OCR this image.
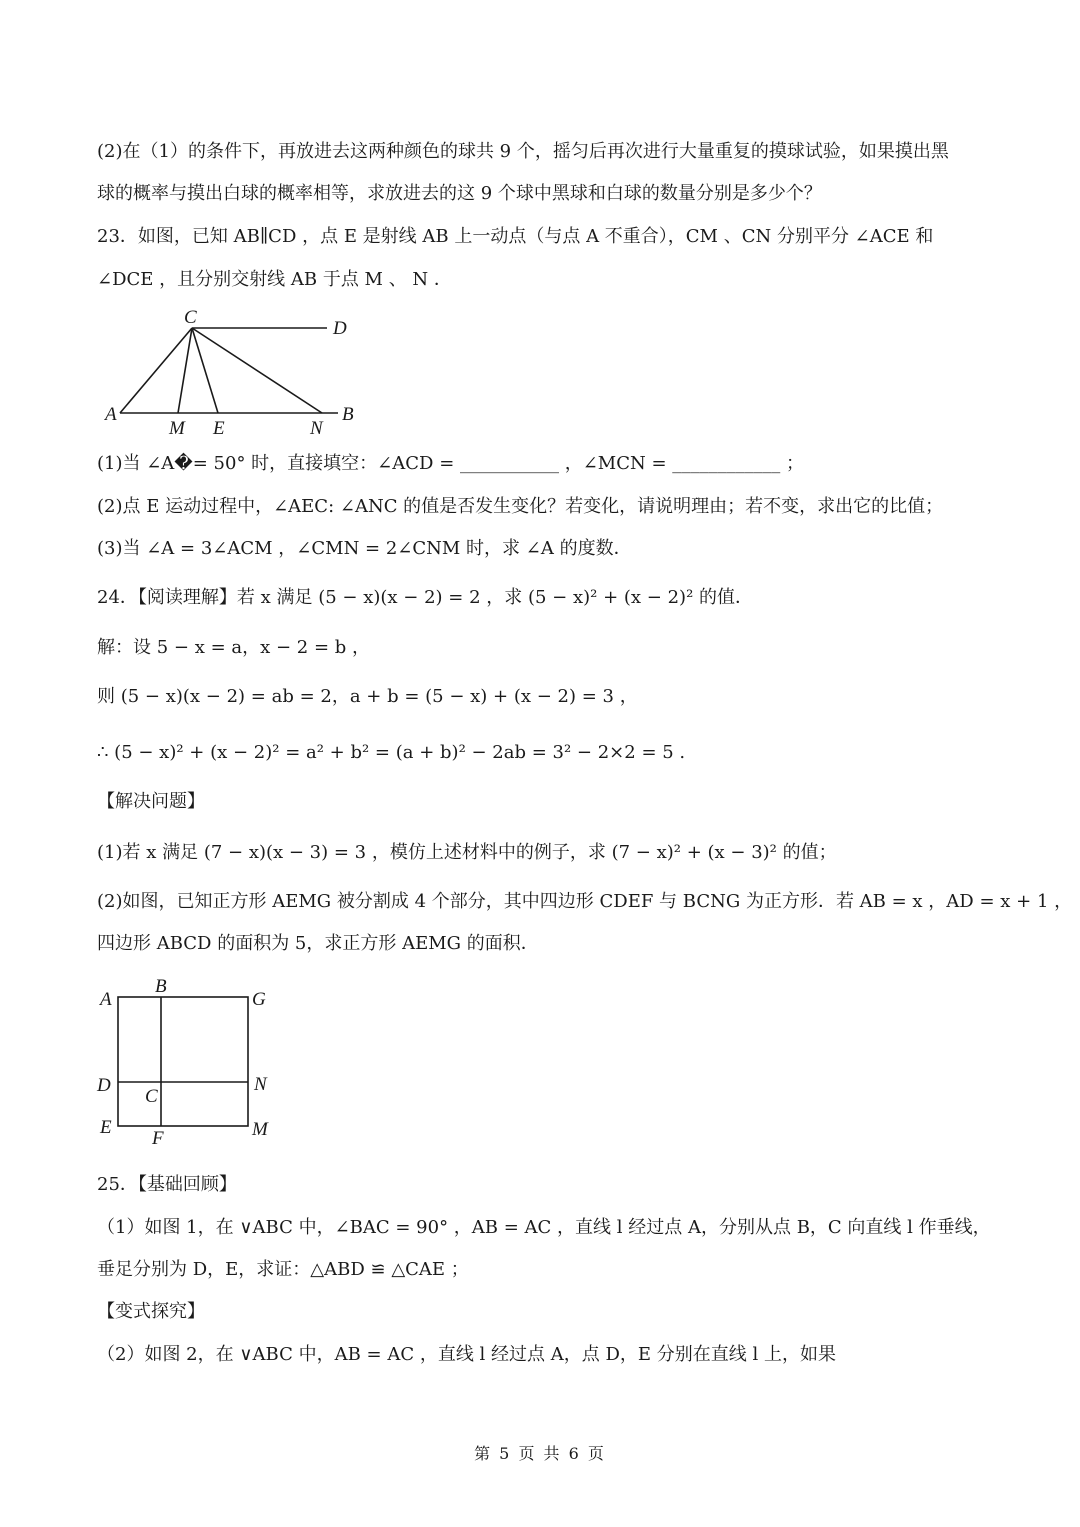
(2)在（1）的条件下，再放进去这两种颜色的球共 9 个，摇匀后再次进行大量重复的摸球试验，如果摸出黑
球的概率与摸出白球的概率相等，求放进去的这 9 个球中黑球和白球的数量分别是多少个？
23．如图，已知 AB∥CD ，点 E 是射线 AB 上一动点（与点 A 不重合），CM 、CN 分别平分 ∠ACE 和
∠DCE ，且分别交射线 AB 于点 M 、 N ．
C
D
A
M E	N
B
(1)当 ∠A�= 50° 时，直接填空：∠ACD = ___________ ，∠MCN = ____________ ；
(2)点 E 运动过程中，∠AEC: ∠ANC 的值是否发生变化？若变化，请说明理由；若不变，求出它的比值；
(3)当 ∠A = 3∠ACM ，∠CMN = 2∠CNM 时，求 ∠A 的度数．
24．【阅读理解】若 x 满足 (5 − x)(x − 2) = 2 ，求 (5 − x)² + (x − 2)² 的值．
解：设 5 − x = a，x − 2 = b ，
则 (5 − x)(x − 2) = ab = 2，a + b = (5 − x) + (x − 2) = 3 ，
∴ (5 − x)² + (x − 2)² = a² + b² = (a + b)² − 2ab = 3² − 2×2 = 5 .
【解决问题】
(1)若 x 满足 (7 − x)(x − 3) = 3 ，模仿上述材料中的例子，求 (7 − x)² + (x − 3)² 的值；
(2)如图，已知正方形 AEMG 被分割成 4 个部分，其中四边形 CDEF 与 BCNG 为正方形．若 AB = x ，AD = x + 1 ，
四边形 ABCD 的面积为 5，求正方形 AEMG 的面积．
A
B
G
D
C
N
E
F	M
25．【基础回顾】
（1）如图 1，在 ∨ABC 中，∠BAC = 90° ，AB = AC ，直线 l 经过点 A，分别从点 B，C 向直线 l 作垂线，
垂足分别为 D，E，求证：△ABD ≌ △CAE ；
【变式探究】
（2）如图 2，在 ∨ABC 中，AB = AC ，直线 l 经过点 A，点 D，E 分别在直线 l 上，如果
第 5 页 共 6 页
